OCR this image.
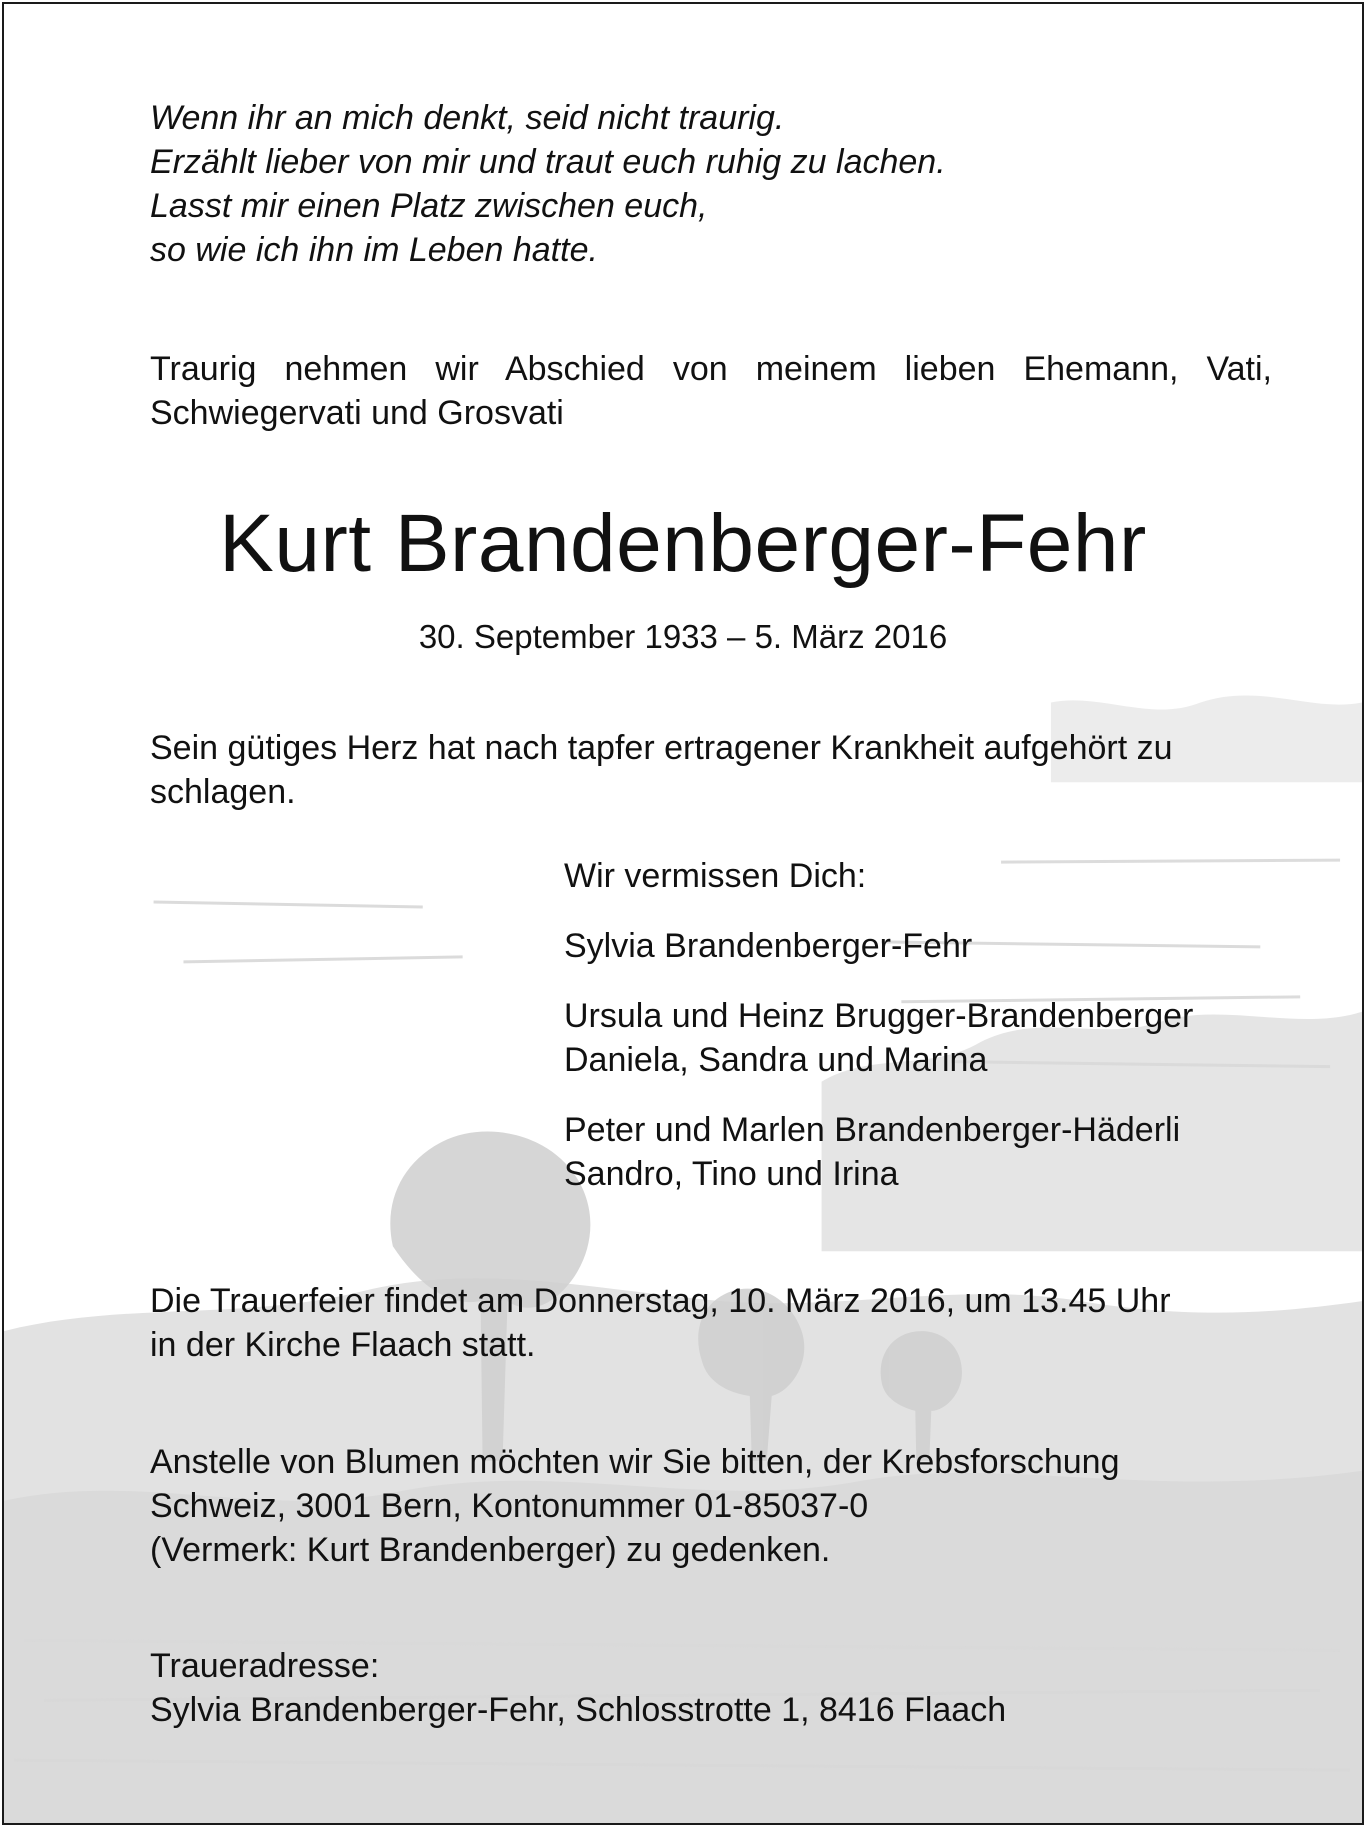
Wenn ihr an mich denkt, seid nicht traurig.
Erzählt lieber von mir und traut euch ruhig zu lachen.
Lasst mir einen Platz zwischen euch,
so wie ich ihn im Leben hatte.
Traurig nehmen wir Abschied von meinem lieben Ehemann, Vati, Schwiegervati und Grosvati
Kurt Brandenberger-Fehr
30. September 1933 – 5. März 2016
Sein gütiges Herz hat nach tapfer ertragener Krankheit aufgehört zu schlagen.
Wir vermissen Dich:
Sylvia Brandenberger-Fehr
Ursula und Heinz Brugger-Brandenberger
Daniela, Sandra und Marina
Peter und Marlen Brandenberger-Häderli
Sandro, Tino und Irina
Die Trauerfeier findet am Donnerstag, 10. März 2016, um 13.45 Uhr
in der Kirche Flaach statt.
Anstelle von Blumen möchten wir Sie bitten, der Krebsforschung
Schweiz, 3001 Bern, Kontonummer 01-85037-0
(Vermerk: Kurt Brandenberger) zu gedenken.
Traueradresse:
Sylvia Brandenberger-Fehr, Schlosstrotte 1, 8416 Flaach
